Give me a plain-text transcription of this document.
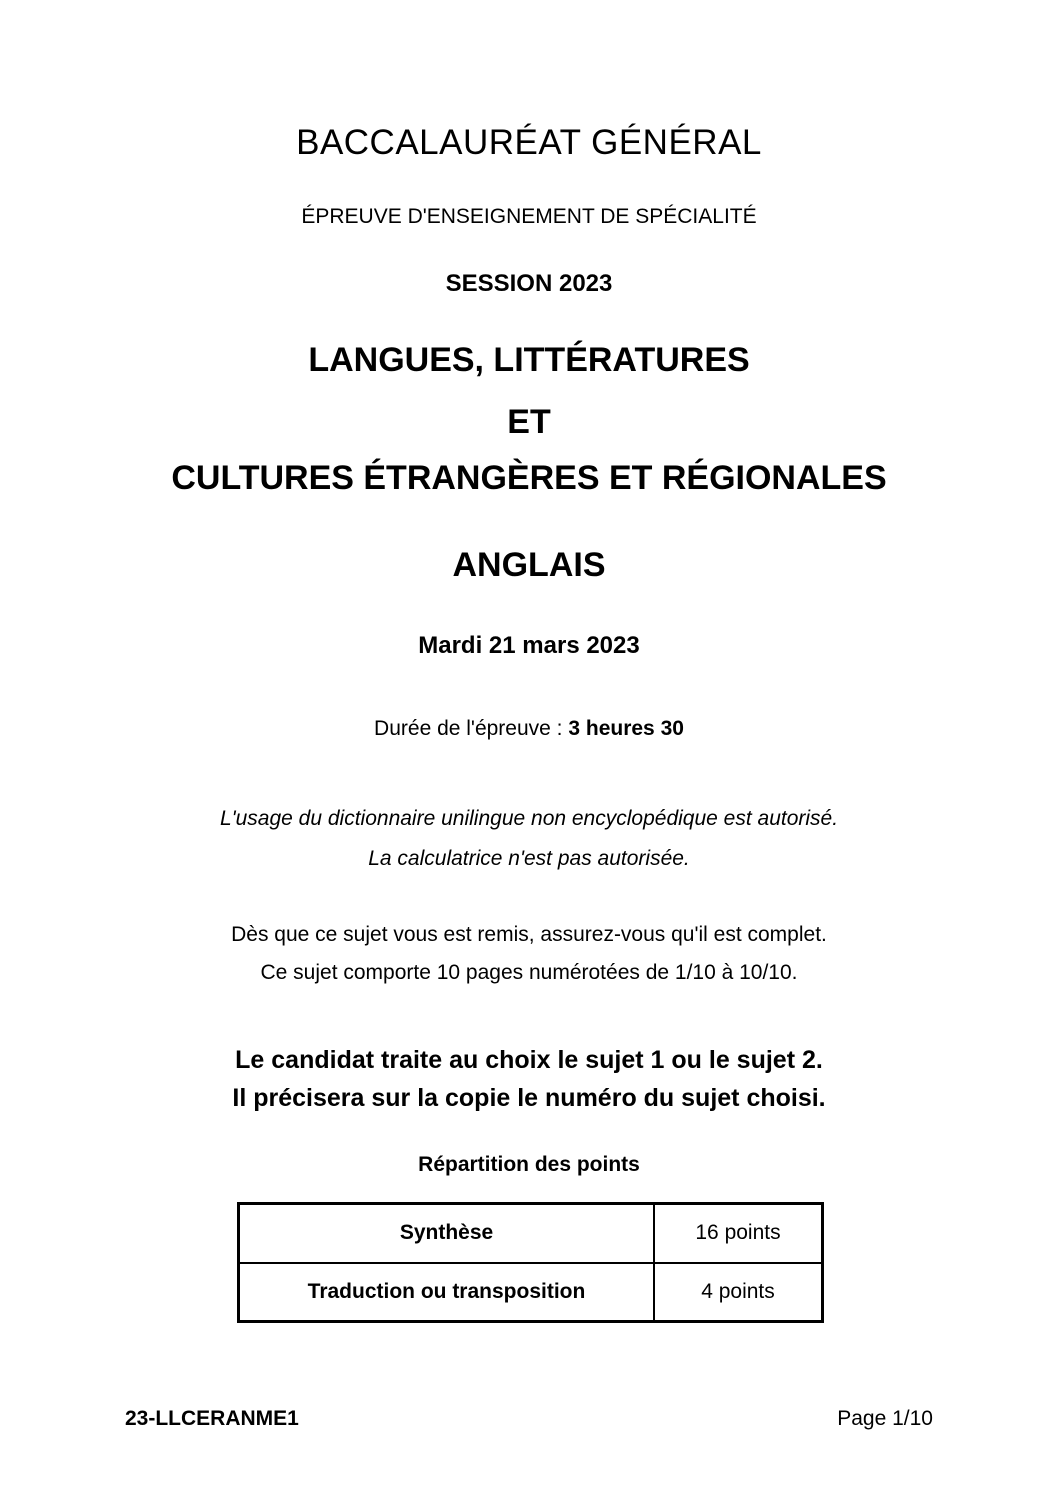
BACCALAURÉAT GÉNÉRAL
ÉPREUVE D'ENSEIGNEMENT DE SPÉCIALITÉ
SESSION 2023
LANGUES, LITTÉRATURES
ET
CULTURES ÉTRANGÈRES ET RÉGIONALES
ANGLAIS
Mardi 21 mars 2023
Durée de l'épreuve : 3 heures 30
L'usage du dictionnaire unilingue non encyclopédique est autorisé.
La calculatrice n'est pas autorisée.
Dès que ce sujet vous est remis, assurez-vous qu'il est complet.
Ce sujet comporte 10 pages numérotées de 1/10 à 10/10.
Le candidat traite au choix le sujet 1 ou le sujet 2.
Il précisera sur la copie le numéro du sujet choisi.
Répartition des points
Synthèse	16 points
Traduction ou transposition	4 points
23-LLCERANME1	Page 1/10
